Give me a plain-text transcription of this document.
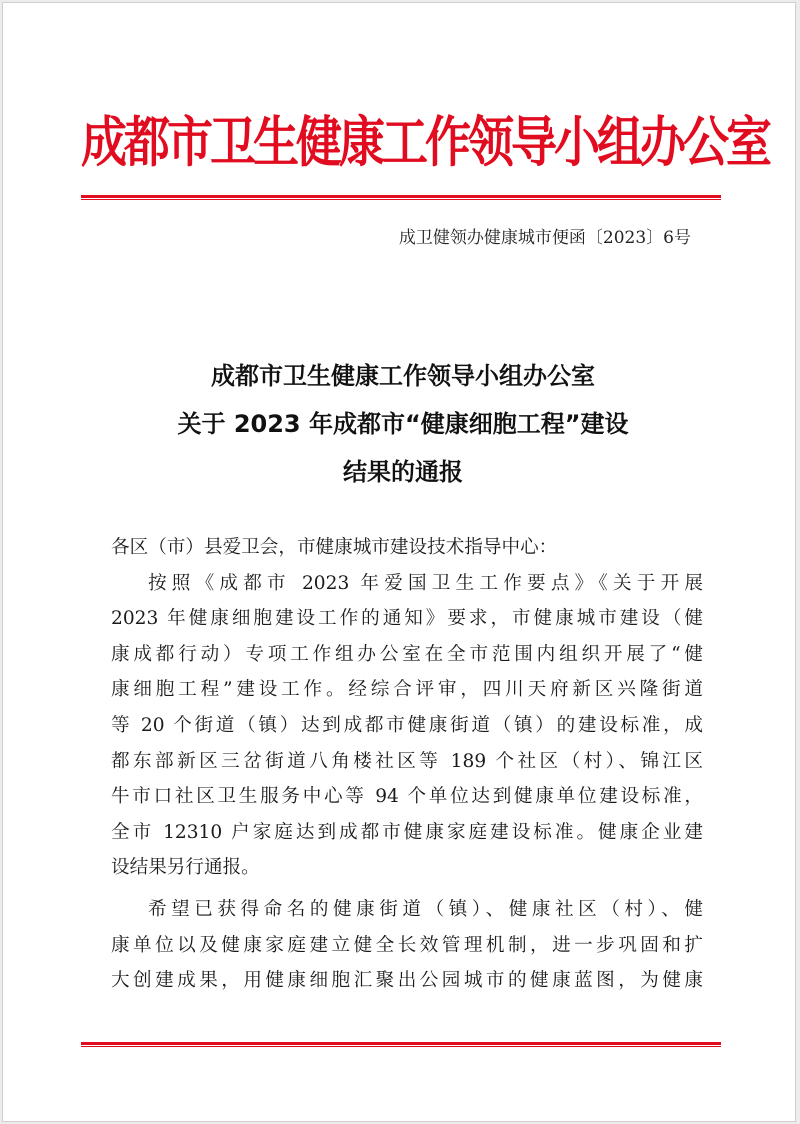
成都市卫生健康工作领导小组办公室
成卫健领办健康城市便函〔2023〕6号
成都市卫生健康工作领导小组办公室
关于 2023 年成都市“健康细胞工程”建设
结果的通报
各区（市）县爱卫会，市健康城市建设技术指导中心：
按照《成都市 2023 年爱国卫生工作要点》《关于开展
2023 年健康细胞建设工作的通知》要求，市健康城市建设（健
康成都行动）专项工作组办公室在全市范围内组织开展了“健
康细胞工程”建设工作。经综合评审，四川天府新区兴隆街道
等 20 个街道（镇）达到成都市健康街道（镇）的建设标准，成
都东部新区三岔街道八角楼社区等 189 个社区（村）、锦江区
牛市口社区卫生服务中心等 94 个单位达到健康单位建设标准，
全市 12310 户家庭达到成都市健康家庭建设标准。健康企业建
设结果另行通报。
希望已获得命名的健康街道（镇）、健康社区（村）、健
康单位以及健康家庭建立健全长效管理机制，进一步巩固和扩
大创建成果，用健康细胞汇聚出公园城市的健康蓝图，为健康
